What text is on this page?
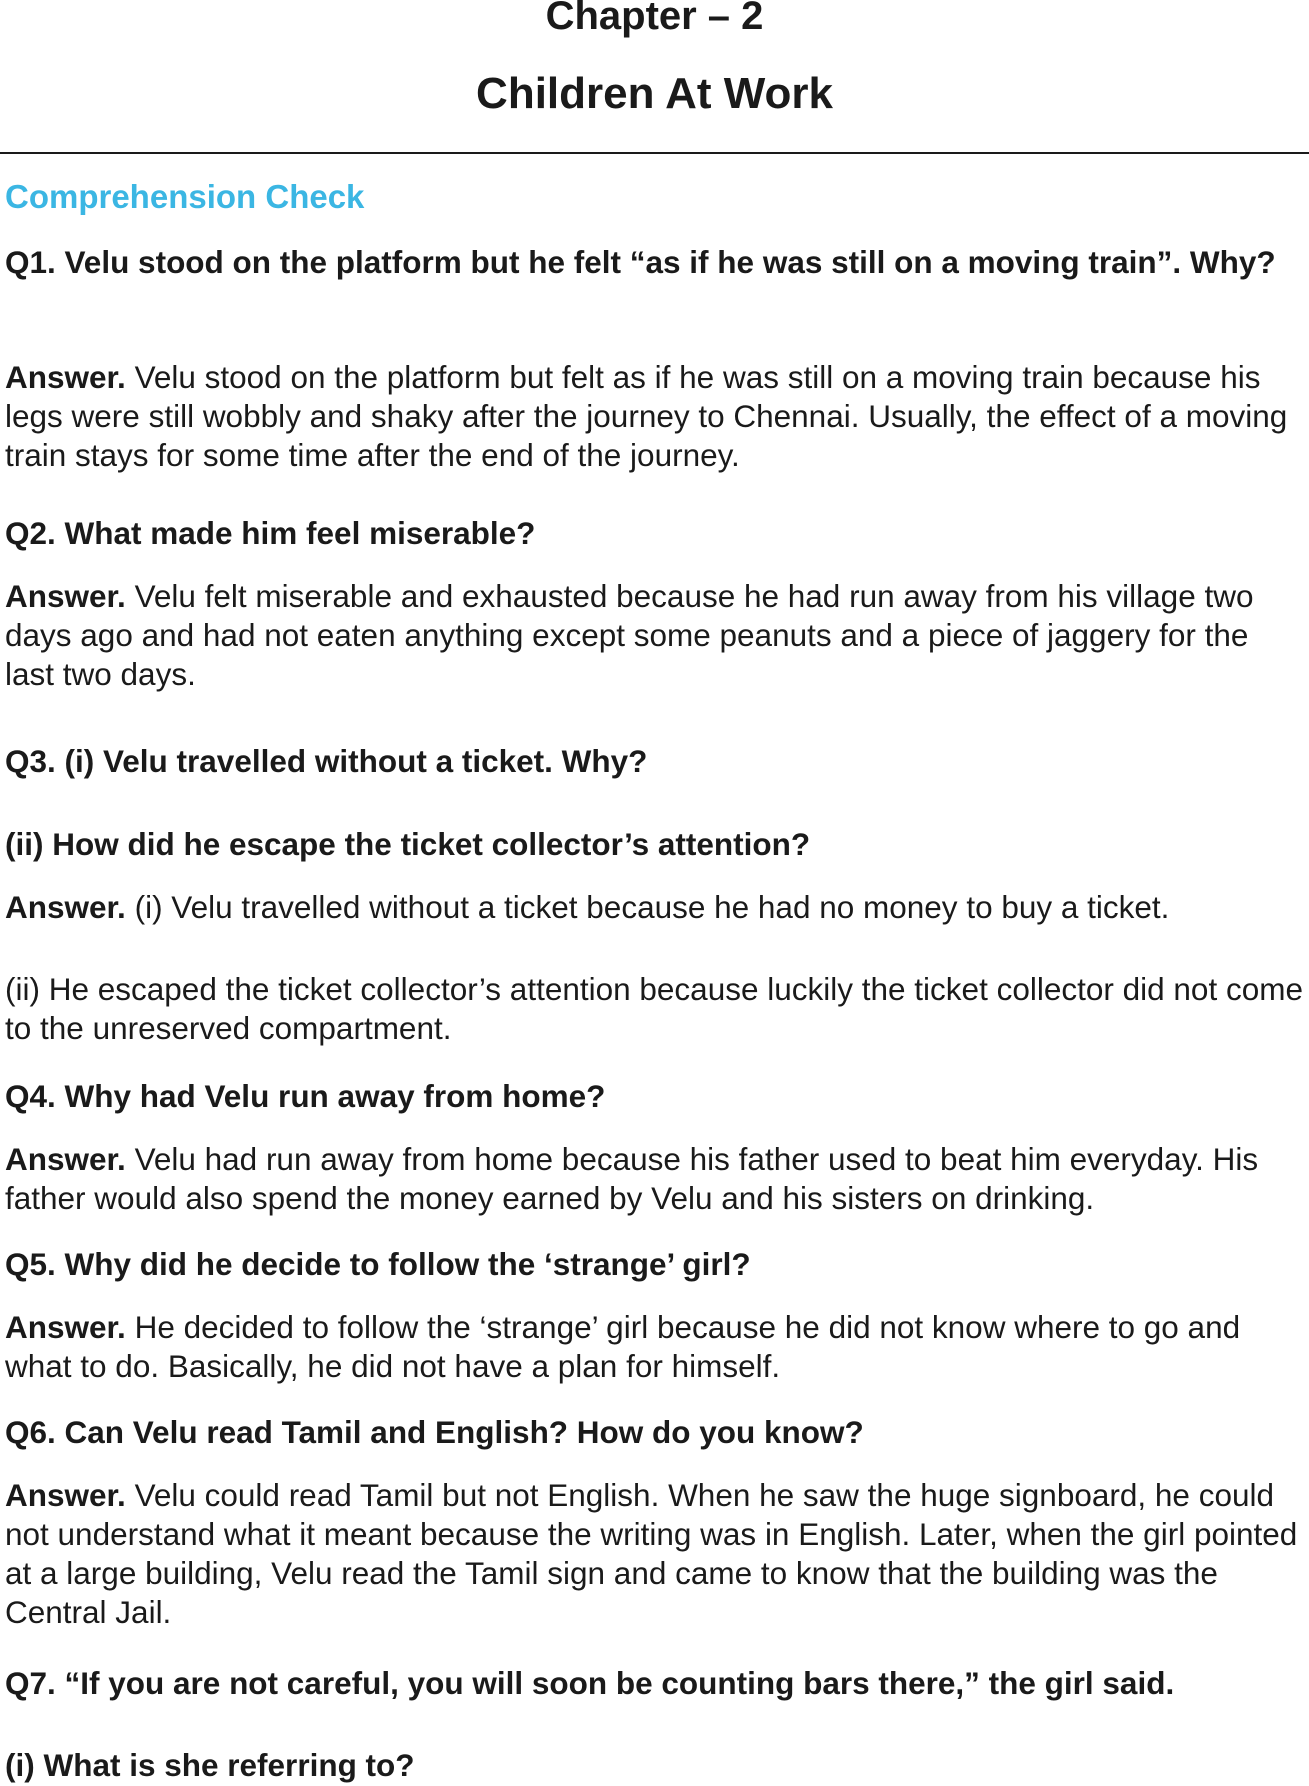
Chapter – 2
Children At Work
Comprehension Check

Q1. Velu stood on the platform but he felt “as if he was still on a moving train”. Why?

Answer. Velu stood on the platform but felt as if he was still on a moving train because his legs were still wobbly and shaky after the journey to Chennai. Usually, the effect of a moving train stays for some time after the end of the journey.

Q2. What made him feel miserable?

Answer. Velu felt miserable and exhausted because he had run away from his village two days ago and had not eaten anything except some peanuts and a piece of jaggery for the last two days.

Q3. (i) Velu travelled without a ticket. Why?

(ii) How did he escape the ticket collector’s attention?

Answer. (i) Velu travelled without a ticket because he had no money to buy a ticket.

(ii) He escaped the ticket collector’s attention because luckily the ticket collector did not come to the unreserved compartment.

Q4. Why had Velu run away from home?

Answer. Velu had run away from home because his father used to beat him everyday. His father would also spend the money earned by Velu and his sisters on drinking.

Q5. Why did he decide to follow the ‘strange’ girl?

Answer. He decided to follow the ‘strange’ girl because he did not know where to go and what to do. Basically, he did not have a plan for himself.

Q6. Can Velu read Tamil and English? How do you know?

Answer. Velu could read Tamil but not English. When he saw the huge signboard, he could not understand what it meant because the writing was in English. Later, when the girl pointed at a large building, Velu read the Tamil sign and came to know that the building was the Central Jail.

Q7. “If you are not careful, you will soon be counting bars there,” the girl said.

(i) What is she referring to?
